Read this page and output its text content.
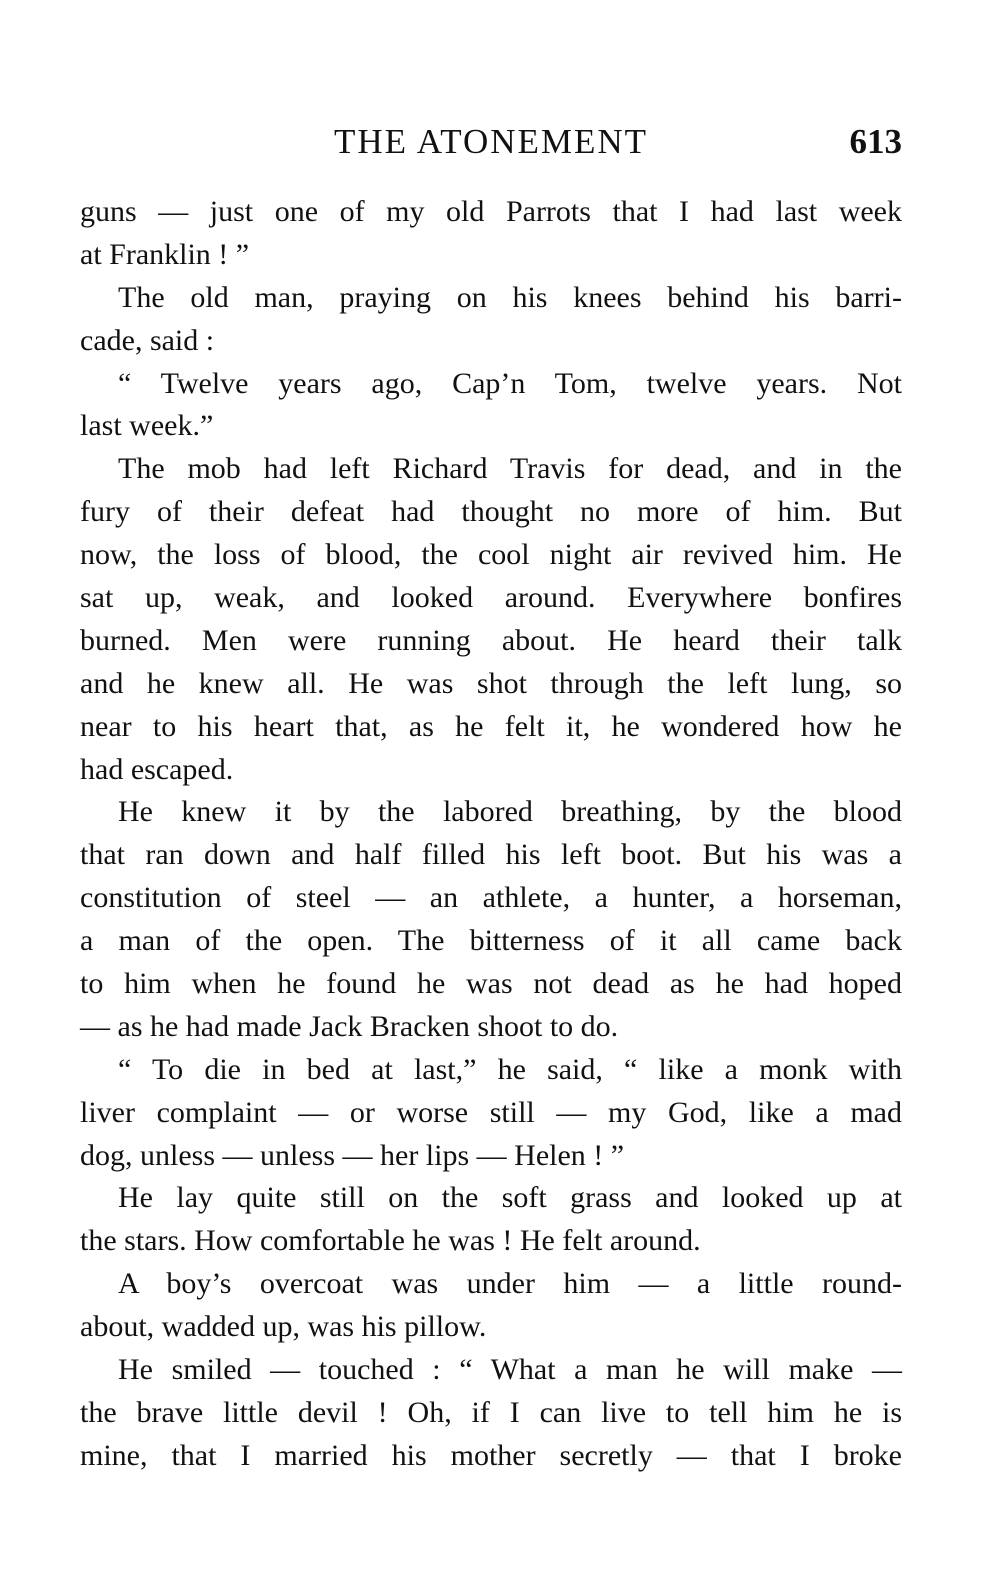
THE ATONEMENT	613
guns — just one of my old Parrots that I had last week
at Franklin ! ”
The old man, praying on his knees behind his barri-
cade, said :
“ Twelve years ago, Cap’n Tom, twelve years. Not
last week.”
The mob had left Richard Travis for dead, and in the
fury of their defeat had thought no more of him. But
now, the loss of blood, the cool night air revived him. He
sat up, weak, and looked around. Everywhere bonfires
burned. Men were running about. He heard their talk
and he knew all. He was shot through the left lung, so
near to his heart that, as he felt it, he wondered how he
had escaped.
He knew it by the labored breathing, by the blood
that ran down and half filled his left boot. But his was a
constitution of steel — an athlete, a hunter, a horseman,
a man of the open. The bitterness of it all came back
to him when he found he was not dead as he had hoped
— as he had made Jack Bracken shoot to do.
“ To die in bed at last,” he said, “ like a monk with
liver complaint — or worse still — my God, like a mad
dog, unless — unless — her lips — Helen ! ”
He lay quite still on the soft grass and looked up at
the stars. How comfortable he was ! He felt around.
A boy’s overcoat was under him — a little round-
about, wadded up, was his pillow.
He smiled — touched : “ What a man he will make —
the brave little devil ! Oh, if I can live to tell him he is
mine, that I married his mother secretly — that I broke
